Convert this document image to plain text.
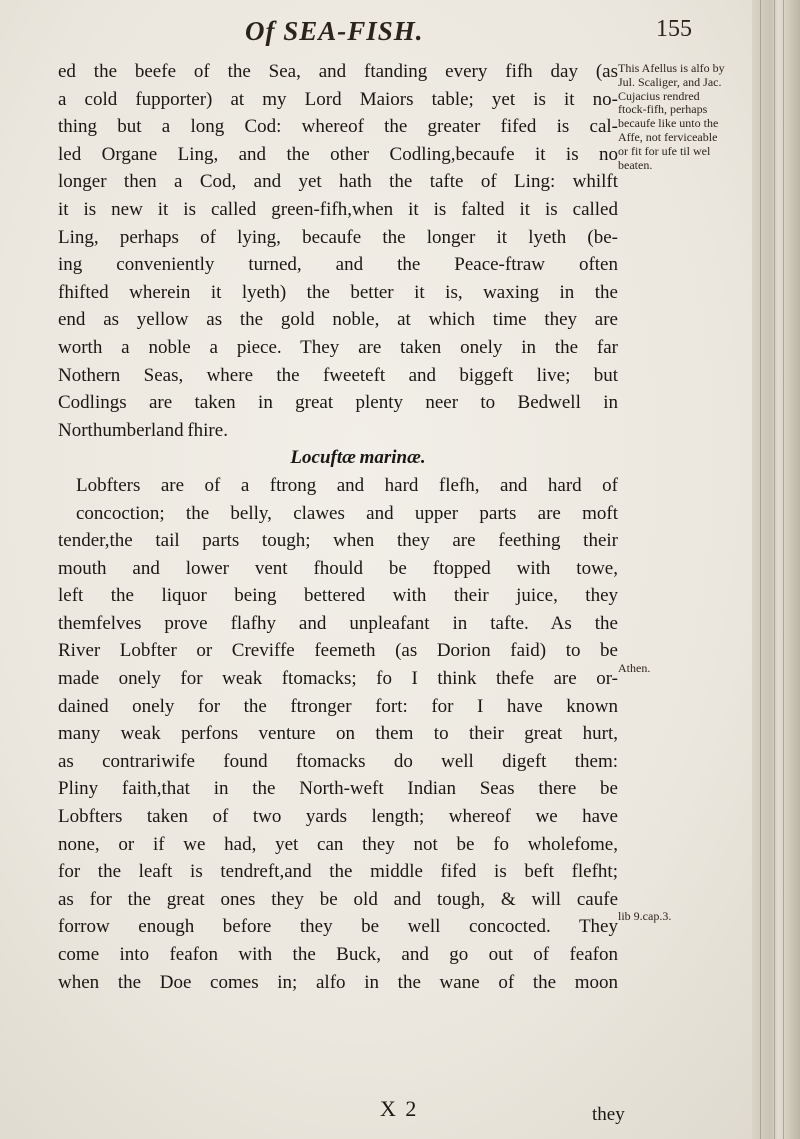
Of SEA-FISH.	155
ed the beefe of the Sea, and ftanding every fifh day (as
a cold fupporter) at my Lord Maiors table; yet is it no-
thing but a long Cod: whereof the greater fifed is cal-
led Organe Ling, and the other Codling,becaufe it is no
longer then a Cod, and yet hath the tafte of Ling: whilft
it is new it is called green-fifh,when it is falted it is called
Ling, perhaps of lying, becaufe the longer it lyeth (be-
ing conveniently turned, and the Peace-ftraw often
fhifted wherein it lyeth) the better it is, waxing in the
end as yellow as the gold noble, at which time they are
worth a noble a piece. They are taken onely in the far
Nothern Seas, where the fweeteft and biggeft live; but
Codlings are taken in great plenty neer to Bedwell in
Northumberland fhire.
Locuftæ marinæ.
Lobfters are of a ftrong and hard flefh, and hard of
concoction; the belly, clawes and upper parts are moft
tender,the tail parts tough; when they are feething their
mouth and lower vent fhould be ftopped with towe,
left the liquor being bettered with their juice, they
themfelves prove flafhy and unpleafant in tafte. As the
River Lobfter or Creviffe feemeth (as Dorion faid) to be
made onely for weak ftomacks; fo I think thefe are or-
dained onely for the ftronger fort: for I have known
many weak perfons venture on them to their great hurt,
as contrariwife found ftomacks do well digeft them:
Pliny faith,that in the North-weft Indian Seas there be
Lobfters taken of two yards length; whereof we have
none, or if we had, yet can they not be fo wholefome,
for the leaft is tendreft,and the middle fifed is beft flefht;
as for the great ones they be old and tough, & will caufe
forrow enough before they be well concocted. They
come into feafon with the Buck, and go out of feafon
when the Doe comes in; alfo in the wane of the moon
This Afellus is alfo by Jul. Scaliger, and Jac. Cujacius rendred ftock-fifh, perhaps becaufe like unto the Affe, not ferviceable or fit for ufe til wel beaten.
Athen.
lib 9.cap.3.
X 2	they
